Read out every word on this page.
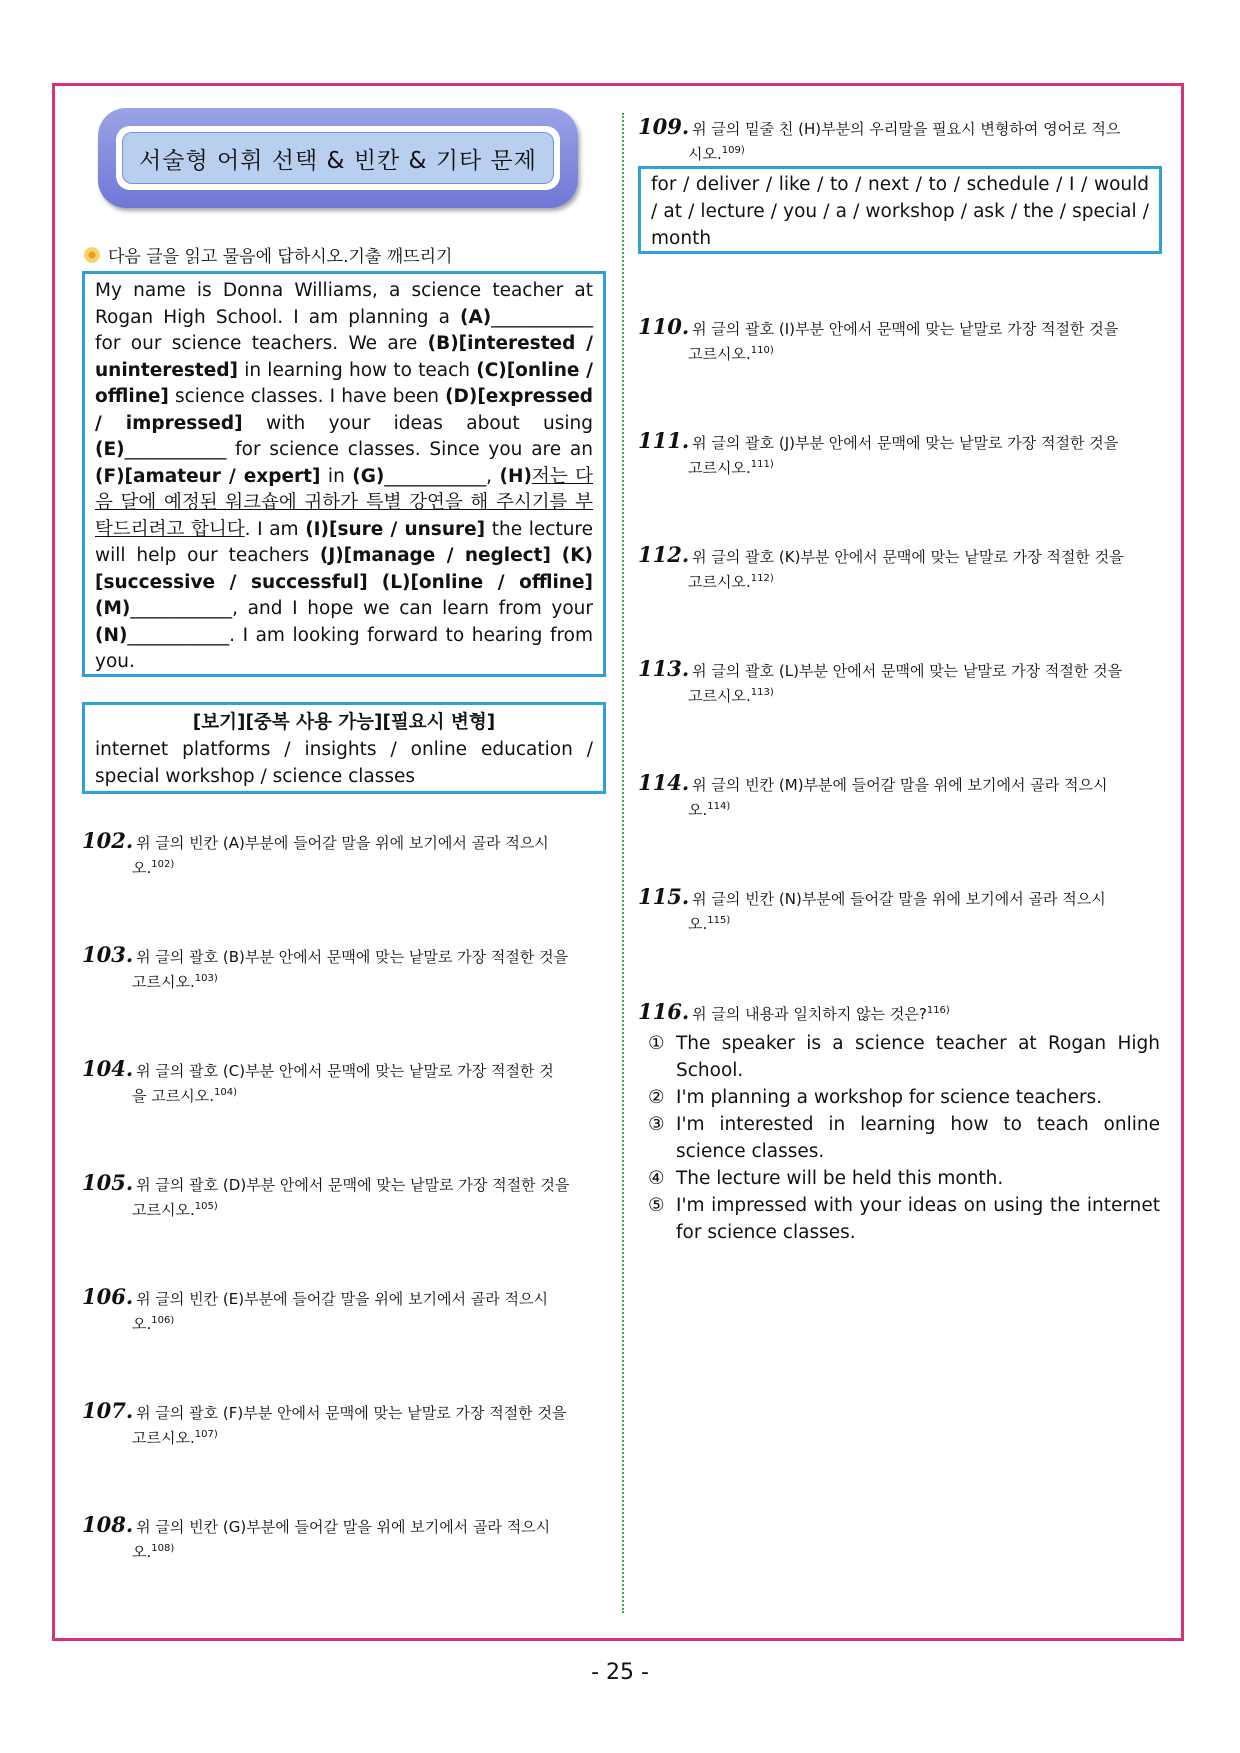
서술형 어휘 선택 & 빈칸 & 기타 문제
다음 글을 읽고 물음에 답하시오.기출 깨뜨리기
My name is Donna Williams, a science teacher at Rogan High School. I am planning a (A)___________ for our science teachers. We are (B)[interested / uninterested] in learning how to teach (C)[online / offline] science classes. I have been (D)[expressed / impressed] with your ideas about using (E)___________ for science classes. Since you are an (F)[amateur / expert] in (G)___________, (H)저는 다음 달에 예정된 워크숍에 귀하가 특별 강연을 해 주시기를 부탁드리려고 합니다. I am (I)[sure / unsure] the lecture will help our teachers (J)[manage / neglect] (K)[successive / successful] (L)[online / offline] (M)___________, and I hope we can learn from your (N)___________. I am looking forward to hearing from you.
[보기][중복 사용 가능][필요시 변형]
internet platforms / insights / online education / special workshop / science classes
for / deliver / like / to / next / to / schedule / I / would / at / lecture / you / a / workshop / ask / the / special / month
102. 위 글의 빈칸 (A)부분에 들어갈 말을 위에 보기에서 골라 적으시
오.$^{102)}$
103. 위 글의 괄호 (B)부분 안에서 문맥에 맞는 낱말로 가장 적절한 것을
고르시오.$^{103)}$
104. 위 글의 괄호 (C)부분 안에서 문맥에 맞는 낱말로 가장 적절한 것
을 고르시오.$^{104)}$
105. 위 글의 괄호 (D)부분 안에서 문맥에 맞는 낱말로 가장 적절한 것을
고르시오.$^{105)}$
106. 위 글의 빈칸 (E)부분에 들어갈 말을 위에 보기에서 골라 적으시
오.$^{106)}$
107. 위 글의 괄호 (F)부분 안에서 문맥에 맞는 낱말로 가장 적절한 것을
고르시오.$^{107)}$
108. 위 글의 빈칸 (G)부분에 들어갈 말을 위에 보기에서 골라 적으시
오.$^{108)}$
109. 위 글의 밑줄 친 (H)부분의 우리말을 필요시 변형하여 영어로 적으
시오.$^{109)}$
110. 위 글의 괄호 (I)부분 안에서 문맥에 맞는 낱말로 가장 적절한 것을
고르시오.$^{110)}$
111. 위 글의 괄호 (J)부분 안에서 문맥에 맞는 낱말로 가장 적절한 것을
고르시오.$^{111)}$
112. 위 글의 괄호 (K)부분 안에서 문맥에 맞는 낱말로 가장 적절한 것을
고르시오.$^{112)}$
113. 위 글의 괄호 (L)부분 안에서 문맥에 맞는 낱말로 가장 적절한 것을
고르시오.$^{113)}$
114. 위 글의 빈칸 (M)부분에 들어갈 말을 위에 보기에서 골라 적으시
오.$^{114)}$
115. 위 글의 빈칸 (N)부분에 들어갈 말을 위에 보기에서 골라 적으시
오.$^{115)}$
116. 위 글의 내용과 일치하지 않는 것은?$^{116)}$
① The speaker is a science teacher at Rogan High School.
② I'm planning a workshop for science teachers.
③ I'm interested in learning how to teach online science classes.
④ The lecture will be held this month.
⑤ I'm impressed with your ideas on using the internet for science classes.
- 25 -
